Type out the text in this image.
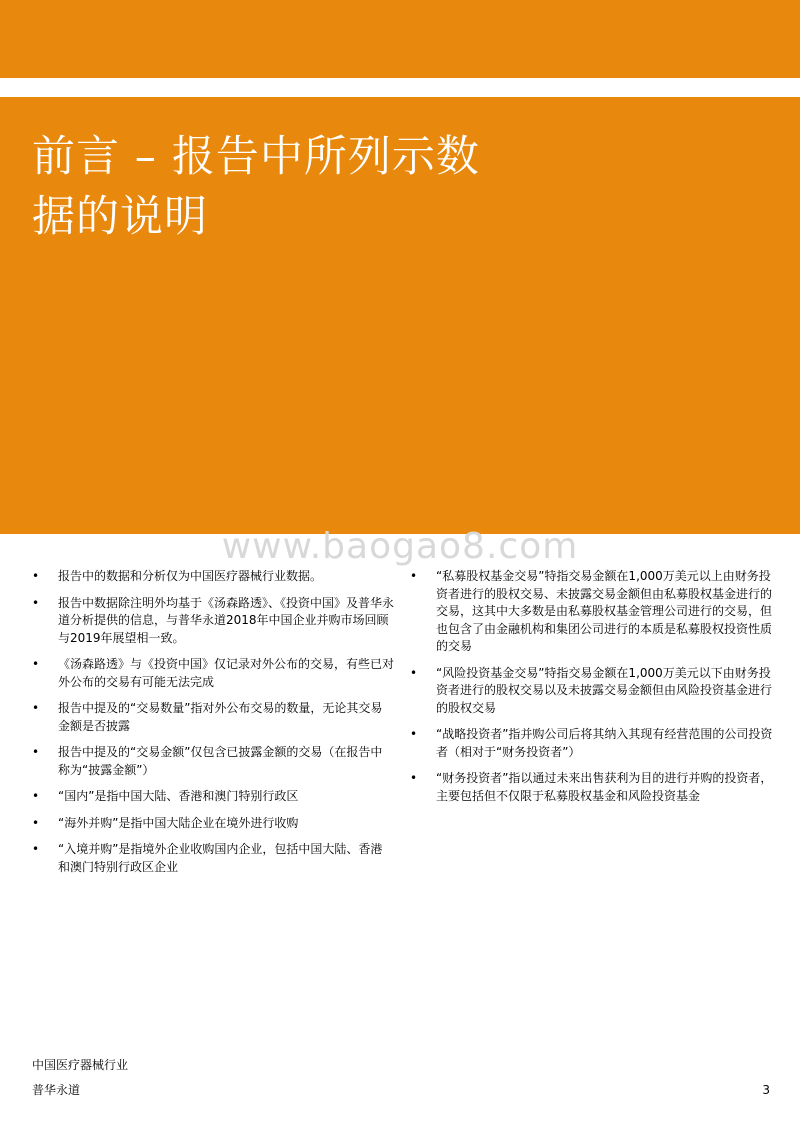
前言 – 报告中所列示数
据的说明
www.baogao8.com
• 报告中的数据和分析仅为中国医疗器械行业数据。
• 报告中数据除注明外均基于《汤森路透》、《投资中国》及普华永道分析提供的信息，与普华永道2018年中国企业并购市场回顾与2019年展望相一致。
• 《汤森路透》与《投资中国》仅记录对外公布的交易，有些已对外公布的交易有可能无法完成
• 报告中提及的“交易数量”指对外公布交易的数量，无论其交易金额是否披露
• 报告中提及的“交易金额”仅包含已披露金额的交易（在报告中称为“披露金额”）
• “国内”是指中国大陆、香港和澳门特别行政区
• “海外并购”是指中国大陆企业在境外进行收购
• “入境并购”是指境外企业收购国内企业，包括中国大陆、香港和澳门特别行政区企业
• “私募股权基金交易”特指交易金额在1,000万美元以上由财务投资者进行的股权交易、未披露交易金额但由私募股权基金进行的交易，这其中大多数是由私募股权基金管理公司进行的交易，但也包含了由金融机构和集团公司进行的本质是私募股权投资性质的交易
• “风险投资基金交易”特指交易金额在1,000万美元以下由财务投资者进行的股权交易以及未披露交易金额但由风险投资基金进行的股权交易
• “战略投资者”指并购公司后将其纳入其现有经营范围的公司投资者（相对于“财务投资者”）
• “财务投资者”指以通过未来出售获利为目的进行并购的投资者，主要包括但不仅限于私募股权基金和风险投资基金
中国医疗器械行业
普华永道	3
